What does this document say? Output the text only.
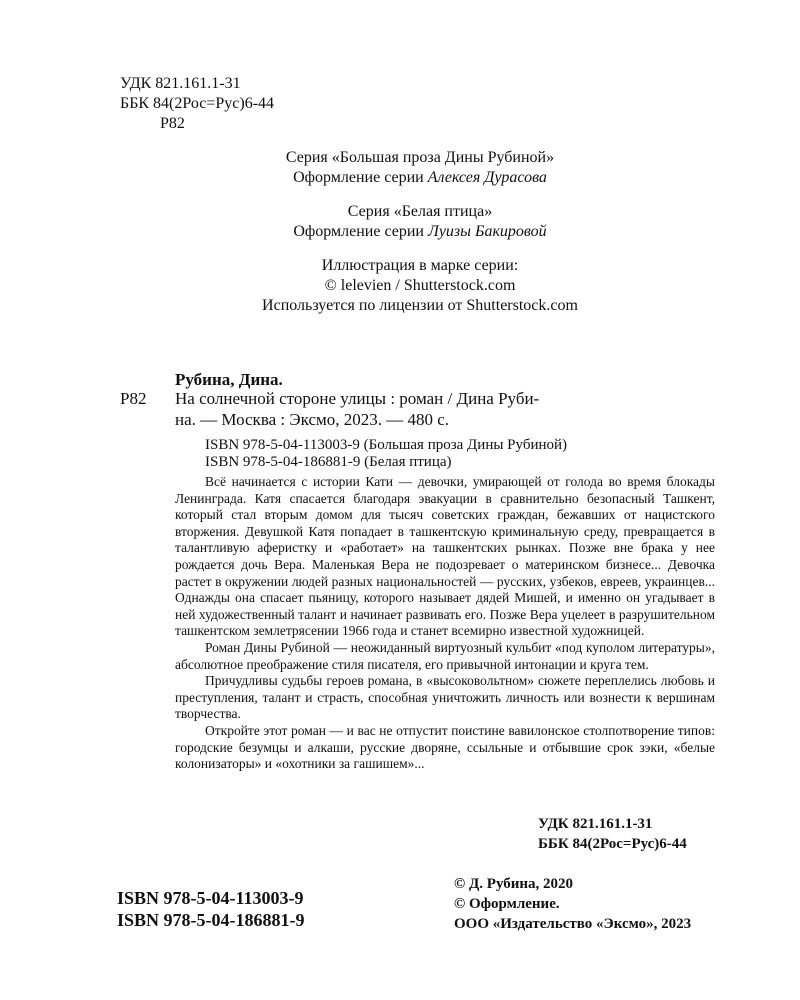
УДК 821.161.1-31
ББК 84(2Рос=Рус)6-44
Р82
Серия «Большая проза Дины Рубиной»
Оформление серии Алексея Дурасова
Серия «Белая птица»
Оформление серии Луизы Бакировой
Иллюстрация в марке серии:
© lelevien / Shutterstock.com
Используется по лицензии от Shutterstock.com
Р82
Рубина, Дина.
На солнечной стороне улицы : роман / Дина Руби-
на. — Москва : Эксмо, 2023. — 480 с.
ISBN 978-5-04-113003-9 (Большая проза Дины Рубиной)
ISBN 978-5-04-186881-9 (Белая птица)

Всё начинается с истории Кати — девочки, умирающей от голода во время блокады Ленинграда. Катя спасается благодаря эвакуации в сравнительно безопасный Ташкент, который стал вторым домом для тысяч советских граждан, бежавших от нацистского вторжения. Девушкой Катя попадает в ташкентскую криминальную среду, превращается в талантливую аферистку и «работает» на ташкентских рынках. Позже вне брака у нее рождается дочь Вера. Маленькая Вера не подозревает о материнском бизнесе... Девочка растет в окружении людей разных национальностей — русских, узбеков, евреев, украинцев... Однажды она спасает пьяницу, которого называет дядей Мишей, и именно он угадывает в ней художественный талант и начинает развивать его. Позже Вера уцелеет в разрушительном ташкентском землетрясении 1966 года и станет всемирно известной художницей.

Роман Дины Рубиной — неожиданный виртуозный кульбит «под куполом литературы», абсолютное преображение стиля писателя, его привычной интонации и круга тем.

Причудливы судьбы героев романа, в «высоковольтном» сюжете переплелись любовь и преступления, талант и страсть, способная уничтожить личность или вознести к вершинам творчества.

Откройте этот роман — и вас не отпустит поистине вавилонское столпотворение типов: городские безумцы и алкаши, русские дворяне, ссыльные и отбывшие срок зэки, «белые колонизаторы» и «охотники за гашишем»...

УДК 821.161.1-31
ББК 84(2Рос=Рус)6-44
ISBN 978-5-04-113003-9
ISBN 978-5-04-186881-9
© Д. Рубина, 2020
© Оформление.
ООО «Издательство «Эксмо», 2023
